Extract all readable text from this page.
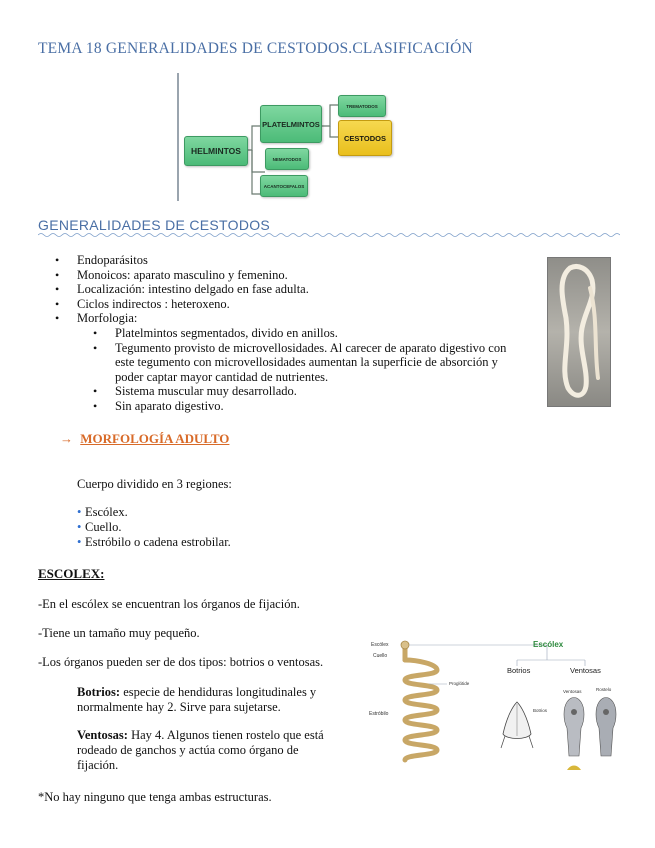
TEMA 18 GENERALIDADES DE CESTODOS.CLASIFICACIÓN
HELMINTOS
PLATELMINTOS
TREMATODOS
CESTODOS
NEMATODOS
ACANTOCEFALOS
GENERALIDADES DE CESTODOS
• Endoparásitos
• Monoicos: aparato masculino y femenino.
• Localización: intestino delgado en fase adulta.
• Ciclos indirectos : heteroxeno.
• Morfologia:
• Platelmintos segmentados, divido en anillos.
• Tegumento provisto de microvellosidades. Al carecer de aparato digestivo con este tegumento con microvellosidades aumentan la superficie de absorción y poder captar mayor cantidad de nutrientes.
• Sistema muscular muy desarrollado.
• Sin aparato digestivo.
→ MORFOLOGÍA ADULTO
Cuerpo dividido en 3 regiones:
• Escólex.
• Cuello.
• Estróbilo o cadena estrobilar.
ESCOLEX:
-En el escólex se encuentran los órganos de fijación.
-Tiene un tamaño muy pequeño.
-Los órganos pueden ser de dos tipos: botrios o ventosas.
Botrios: especie de hendiduras longitudinales y normalmente hay 2. Sirve para sujetarse.
Ventosas: Hay 4. Algunos tienen rostelo que está rodeado de ganchos y actúa como órgano de fijación.
*No hay ninguno que tenga ambas estructuras.
Escólex
Cuello
Estróbilo
Proglótide
Escólex
Botrios	Ventosas
Botrios
Ventosas	Rostelo
